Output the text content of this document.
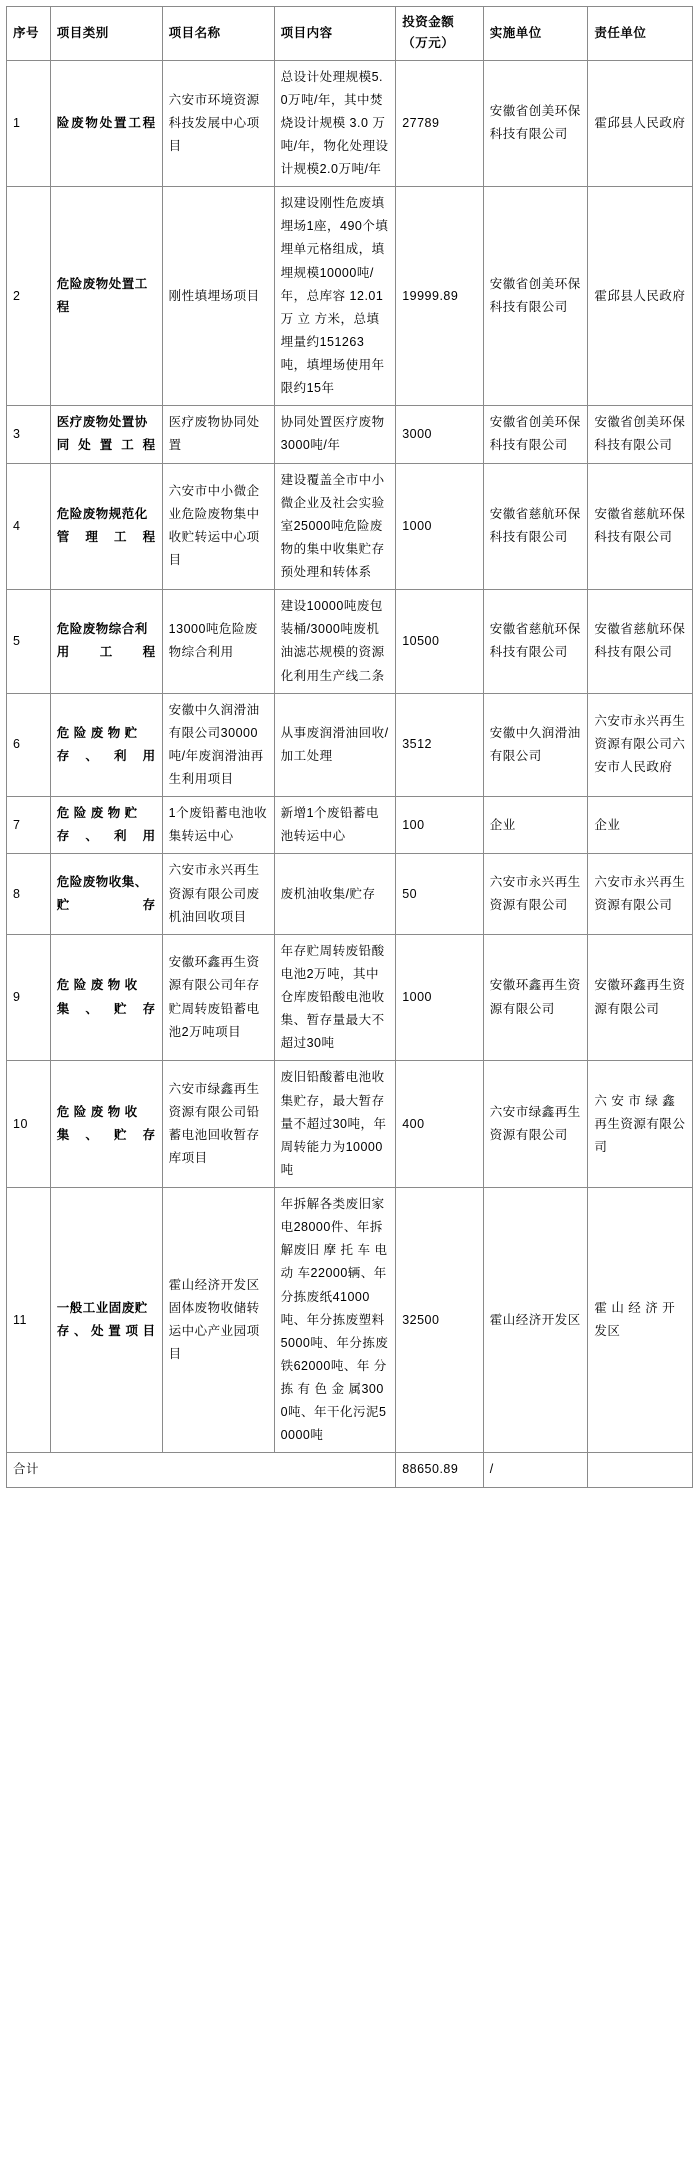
序号	项目类别	项目名称	项目内容	投资金额（万元）	实施单位	责任单位
1	险废物处置工程	六安市环境资源科技发展中心项目	总设计处理规模5.0万吨/年，其中焚烧设计规模 3.0 万吨/年，物化处理设计规模2.0万吨/年	27789	安徽省创美环保科技有限公司	霍邱县人民政府
2	危险废物处置工程	刚性填埋场项目	拟建设刚性危废填埋场1座，490个填埋单元格组成，填埋规模10000吨/年，总库容 12.01 万 立 方米，总填埋量约151263吨，填埋场使用年限约15年	19999.89	安徽省创美环保科技有限公司	霍邱县人民政府
3	医疗废物处置协同处置工程	医疗废物协同处置	协同处置医疗废物3000吨/年	3000	安徽省创美环保科技有限公司	安徽省创美环保科技有限公司
4	危险废物规范化管理工程	六安市中小微企业危险废物集中收贮转运中心项目	建设覆盖全市中小微企业及社会实验室25000吨危险废物的集中收集贮存预处理和转体系	1000	安徽省慈航环保科技有限公司	安徽省慈航环保科技有限公司
5	危险废物综合利用工程	13000吨危险废物综合利用	建设10000吨废包装桶/3000吨废机油滤芯规模的资源化利用生产线二条	10500	安徽省慈航环保科技有限公司	安徽省慈航环保科技有限公司
6	危 险 废 物 贮存、利用	安徽中久润滑油有限公司30000吨/年废润滑油再生利用项目	从事废润滑油回收/加工处理	3512	安徽中久润滑油有限公司	六安市永兴再生资源有限公司六安市人民政府
7	危 险 废 物 贮存、利用	1个废铅蓄电池收集转运中心	新增1个废铅蓄电池转运中心	100	企业	企业
8	危险废物收集、贮存	六安市永兴再生资源有限公司废机油回收项目	废机油收集/贮存	50	六安市永兴再生资源有限公司	六安市永兴再生资源有限公司
9	危 险 废 物 收集、贮存	安徽环鑫再生资源有限公司年存贮周转废铅蓄电池2万吨项目	年存贮周转废铅酸电池2万吨，其中仓库废铅酸电池收集、暂存量最大不超过30吨	1000	安徽环鑫再生资源有限公司	安徽环鑫再生资源有限公司
10	危 险 废 物 收集、贮存	六安市绿鑫再生资源有限公司铅蓄电池回收暂存库项目	废旧铅酸蓄电池收集贮存，最大暂存量不超过30吨，年周转能力为10000吨	400	六安市绿鑫再生资源有限公司	六 安 市 绿 鑫再生资源有限公司
11	一般工业固废贮存、处置项目	霍山经济开发区固体废物收储转运中心产业园项目	年拆解各类废旧家电28000件、年拆解废旧 摩 托 车 电 动 车22000辆、年分拣废纸41000吨、年分拣废塑料5000吨、年分拣废铁62000吨、年 分 拣 有 色 金 属3000吨、年干化污泥50000吨	32500	霍山经济开发区	霍 山 经 济 开发区
合计				88650.89	/	
